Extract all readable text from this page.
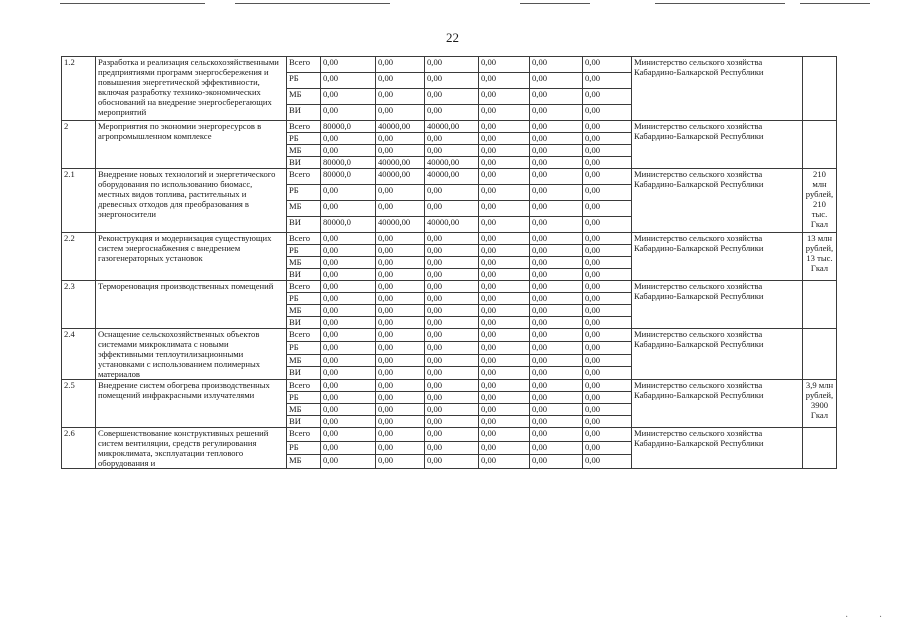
22
1.2	Разработка и реализация сельскохозяйственными предприятиями программ энергосбережения и повышения энергетической эффективности, включая разработку технико-экономических обоснований на внедрение энергосберегающих мероприятий	Всего	0,00	0,00	0,00	0,00	0,00	0,00	Министерство сельского хозяйства Кабардино-Балкарской Республики	
		РБ	0,00	0,00	0,00	0,00	0,00	0,00		
		МБ	0,00	0,00	0,00	0,00	0,00	0,00		
		ВИ	0,00	0,00	0,00	0,00	0,00	0,00		
2	Мероприятия по экономии энергоресурсов в агропромышленном комплексе	Всего	80000,0	40000,00	40000,00	0,00	0,00	0,00	Министерство сельского хозяйства Кабардино-Балкарской Республики	
		РБ	0,00	0,00	0,00	0,00	0,00	0,00		
		МБ	0,00	0,00	0,00	0,00	0,00	0,00		
		ВИ	80000,0	40000,00	40000,00	0,00	0,00	0,00		
2.1	Внедрение новых технологий и энергетического оборудования по использованию биомасс, местных видов топлива, растительных и древесных отходов для преобразования в энергоносители	Всего	80000,0	40000,00	40000,00	0,00	0,00	0,00	Министерство сельского хозяйства Кабардино-Балкарской Республики	210 млн рублей, 210 тыс. Гкал
		РБ	0,00	0,00	0,00	0,00	0,00	0,00		
		МБ	0,00	0,00	0,00	0,00	0,00	0,00		
		ВИ	80000,0	40000,00	40000,00	0,00	0,00	0,00		
2.2	Реконструкция и модернизация существующих систем энергоснабжения с внедрением газогенераторных установок	Всего	0,00	0,00	0,00	0,00	0,00	0,00	Министерство сельского хозяйства Кабардино-Балкарской Республики	13 млн рублей, 13 тыс. Гкал
		РБ	0,00	0,00	0,00	0,00	0,00	0,00		
		МБ	0,00	0,00	0,00	0,00	0,00	0,00		
		ВИ	0,00	0,00	0,00	0,00	0,00	0,00		
2.3	Термореновация производственных помещений	Всего	0,00	0,00	0,00	0,00	0,00	0,00	Министерство сельского хозяйства Кабардино-Балкарской Республики	
		РБ	0,00	0,00	0,00	0,00	0,00	0,00		
		МБ	0,00	0,00	0,00	0,00	0,00	0,00		
		ВИ	0,00	0,00	0,00	0,00	0,00	0,00		
2.4	Оснащение сельскохозяйственных объектов системами микроклимата с новыми эффективными теплоутилизационными установками с использованием полимерных материалов	Всего	0,00	0,00	0,00	0,00	0,00	0,00	Министерство сельского хозяйства Кабардино-Балкарской Республики	
		РБ	0,00	0,00	0,00	0,00	0,00	0,00		
		МБ	0,00	0,00	0,00	0,00	0,00	0,00		
		ВИ	0,00	0,00	0,00	0,00	0,00	0,00		
2.5	Внедрение систем обогрева производственных помещений инфракрасными излучателями	Всего	0,00	0,00	0,00	0,00	0,00	0,00	Министерство сельского хозяйства Кабардино-Балкарской Республики	3,9 млн рублей, 3900 Гкал
		РБ	0,00	0,00	0,00	0,00	0,00	0,00		
		МБ	0,00	0,00	0,00	0,00	0,00	0,00		
		ВИ	0,00	0,00	0,00	0,00	0,00	0,00		
2.6	Совершенствование конструктивных решений систем вентиляции, средств регулирования микроклимата, эксплуатации теплового оборудования и	Всего	0,00	0,00	0,00	0,00	0,00	0,00	Министерство сельского хозяйства Кабардино-Балкарской Республики	
		РБ	0,00	0,00	0,00	0,00	0,00	0,00		
		МБ	0,00	0,00	0,00	0,00	0,00	0,00		
· ·
